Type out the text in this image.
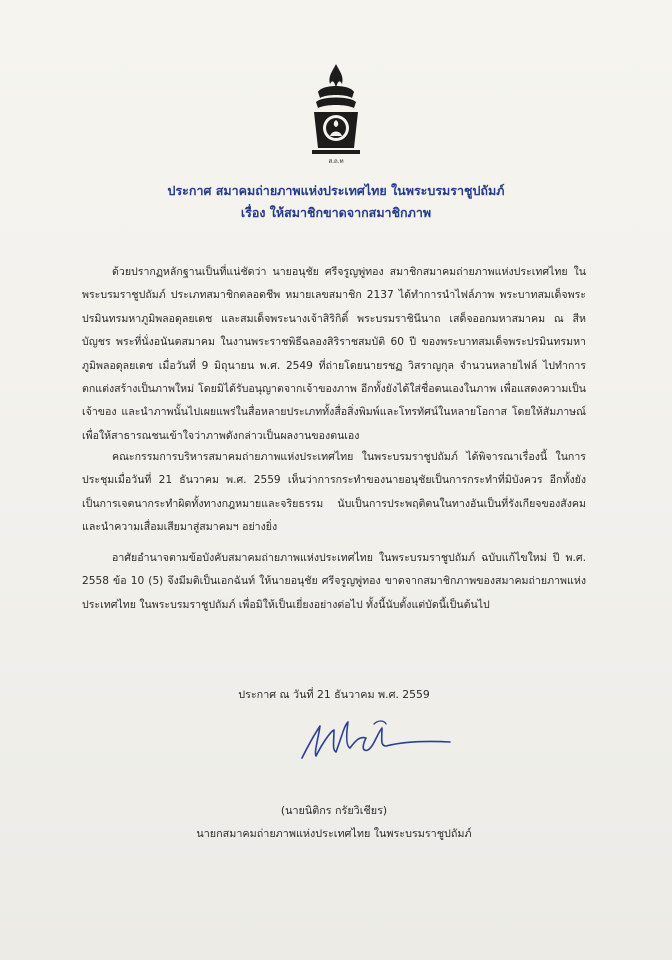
ส.ถ.ท
ประกาศ สมาคมถ่ายภาพแห่งประเทศไทย ในพระบรมราชูปถัมภ์
เรื่อง ให้สมาชิกขาดจากสมาชิกภาพ

ด้วยปรากฏหลักฐานเป็นที่แน่ชัดว่า นายอนุชัย ศรีจรูญพู่ทอง สมาชิกสมาคมถ่ายภาพแห่งประเทศไทย ในพระบรมราชูปถัมภ์ ประเภทสมาชิกตลอดชีพ หมายเลขสมาชิก 2137 ได้ทำการนำไฟล์ภาพ พระบาทสมเด็จพระปรมินทรมหาภูมิพลอดุลยเดช และสมเด็จพระนางเจ้าสิริกิติ์ พระบรมราชินีนาถ เสด็จออกมหาสมาคม ณ สีหบัญชร พระที่นั่งอนันตสมาคม ในงานพระราชพิธีฉลองสิริราชสมบัติ 60 ปี ของพระบาทสมเด็จพระปรมินทรมหาภูมิพลอดุลยเดช เมื่อวันที่ 9 มิถุนายน พ.ศ. 2549 ที่ถ่ายโดยนายรชฏ วิสราญกุล จำนวนหลายไฟล์ ไปทำการตกแต่งสร้างเป็นภาพใหม่ โดยมิได้รับอนุญาตจากเจ้าของภาพ อีกทั้งยังได้ใส่ชื่อตนเองในภาพ เพื่อแสดงความเป็นเจ้าของ และนำภาพนั้นไปเผยแพร่ในสื่อหลายประเภททั้งสื่อสิ่งพิมพ์และโทรทัศน์ในหลายโอกาส โดยให้สัมภาษณ์เพื่อให้สาธารณชนเข้าใจว่าภาพดังกล่าวเป็นผลงานของตนเอง

คณะกรรมการบริหารสมาคมถ่ายภาพแห่งประเทศไทย ในพระบรมราชูปถัมภ์ ได้พิจารณาเรื่องนี้ ในการประชุมเมื่อวันที่ 21 ธันวาคม พ.ศ. 2559 เห็นว่าการกระทำของนายอนุชัยเป็นการกระทำที่มิบังควร อีกทั้งยังเป็นการเจตนากระทำผิดทั้งทางกฎหมายและจริยธรรม นับเป็นการประพฤติตนในทางอันเป็นที่รังเกียจของสังคม และนำความเสื่อมเสียมาสู่สมาคมฯ อย่างยิ่ง

อาศัยอำนาจตามข้อบังคับสมาคมถ่ายภาพแห่งประเทศไทย ในพระบรมราชูปถัมภ์ ฉบับแก้ไขใหม่ ปี พ.ศ. 2558 ข้อ 10 (5) จึงมีมติเป็นเอกฉันท์ ให้นายอนุชัย ศรีจรูญพู่ทอง ขาดจากสมาชิกภาพของสมาคมถ่ายภาพแห่งประเทศไทย ในพระบรมราชูปถัมภ์ เพื่อมิให้เป็นเยี่ยงอย่างต่อไป ทั้งนี้นับตั้งแต่บัดนี้เป็นต้นไป

ประกาศ ณ วันที่ 21 ธันวาคม พ.ศ. 2559
(นายนิติกร กรัยวิเชียร)
นายกสมาคมถ่ายภาพแห่งประเทศไทย ในพระบรมราชูปถัมภ์
